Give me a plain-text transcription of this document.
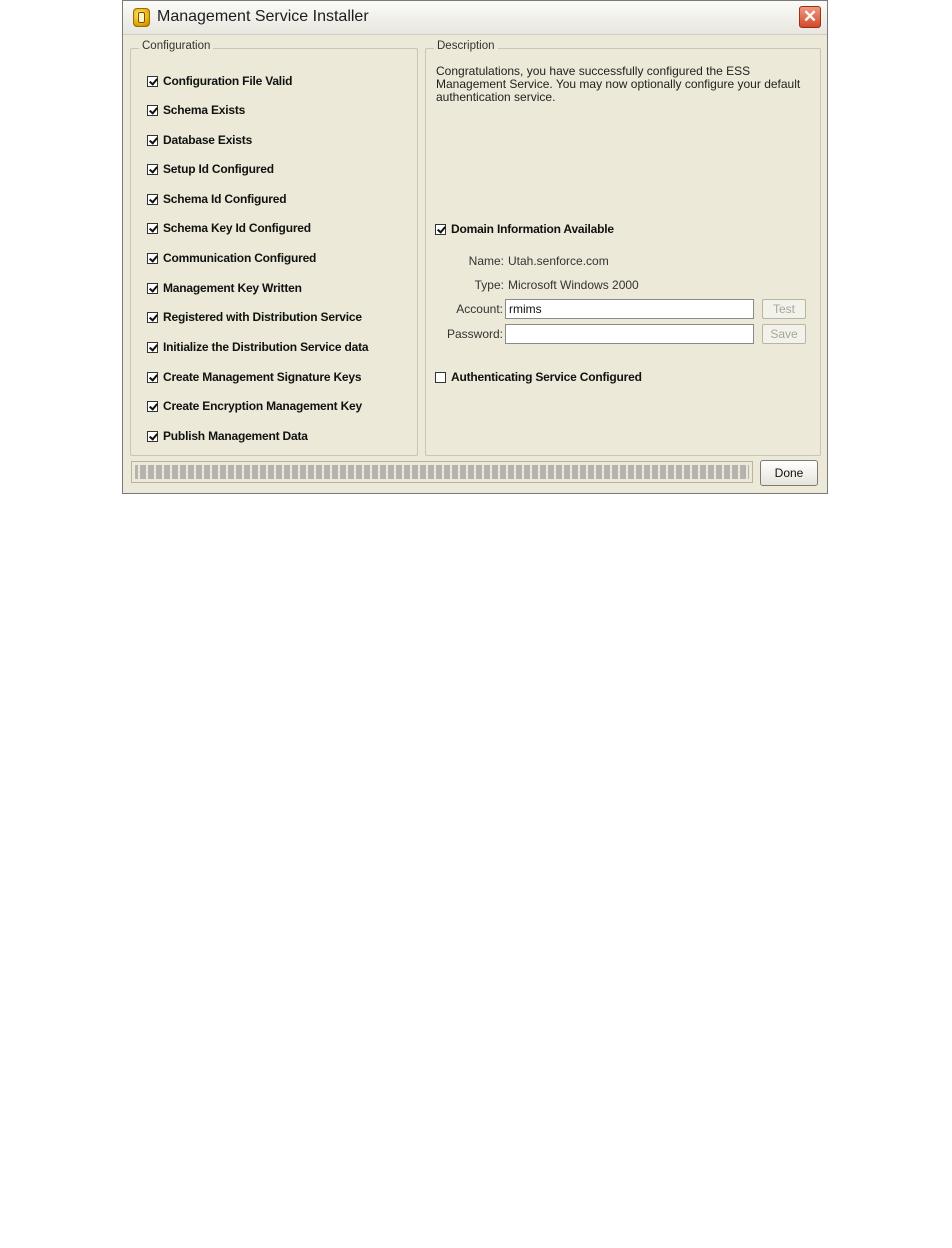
Management Service Installer	✕
Configuration
Configuration File Valid
Schema Exists
Database Exists
Setup Id Configured
Schema Id Configured
Schema Key Id Configured
Communication Configured
Management Key Written
Registered with Distribution Service
Initialize the Distribution Service data
Create Management Signature Keys
Create Encryption Management Key
Publish Management Data
Description
Congratulations, you have successfully configured the ESS Management Service. You may now optionally configure your default authentication service.
Domain Information Available
Name: Utah.senforce.com
Type: Microsoft Windows 2000
Account: rmims	Test
Password:	Save
Authenticating Service Configured
Done
